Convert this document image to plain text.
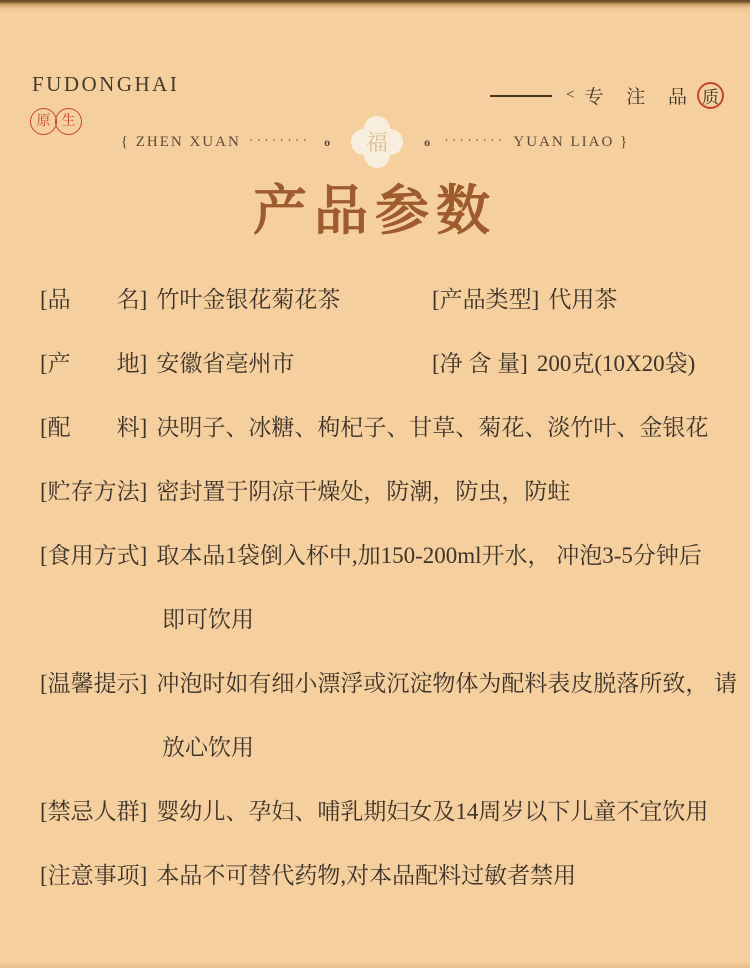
FUDONGHAI
原 生
< 专 注 品 质
{ ZHEN XUAN ········ o 福	o ········ YUAN LIAO }
产品参数
[品　　名] 竹叶金银花菊花茶	[产品类型] 代用茶
[产　　地] 安徽省亳州市	[净 含 量] 200克(10X20袋)
[配　　料] 决明子、冰糖、枸杞子、甘草、菊花、淡竹叶、金银花
[贮存方法] 密封置于阴凉干燥处，防潮，防虫，防蛀
[食用方式] 取本品1袋倒入杯中,加150-200ml开水， 冲泡3-5分钟后
即可饮用
[温馨提示] 冲泡时如有细小漂浮或沉淀物体为配料表皮脱落所致， 请
放心饮用
[禁忌人群] 婴幼儿、孕妇、哺乳期妇女及14周岁以下儿童不宜饮用
[注意事项] 本品不可替代药物,对本品配料过敏者禁用
